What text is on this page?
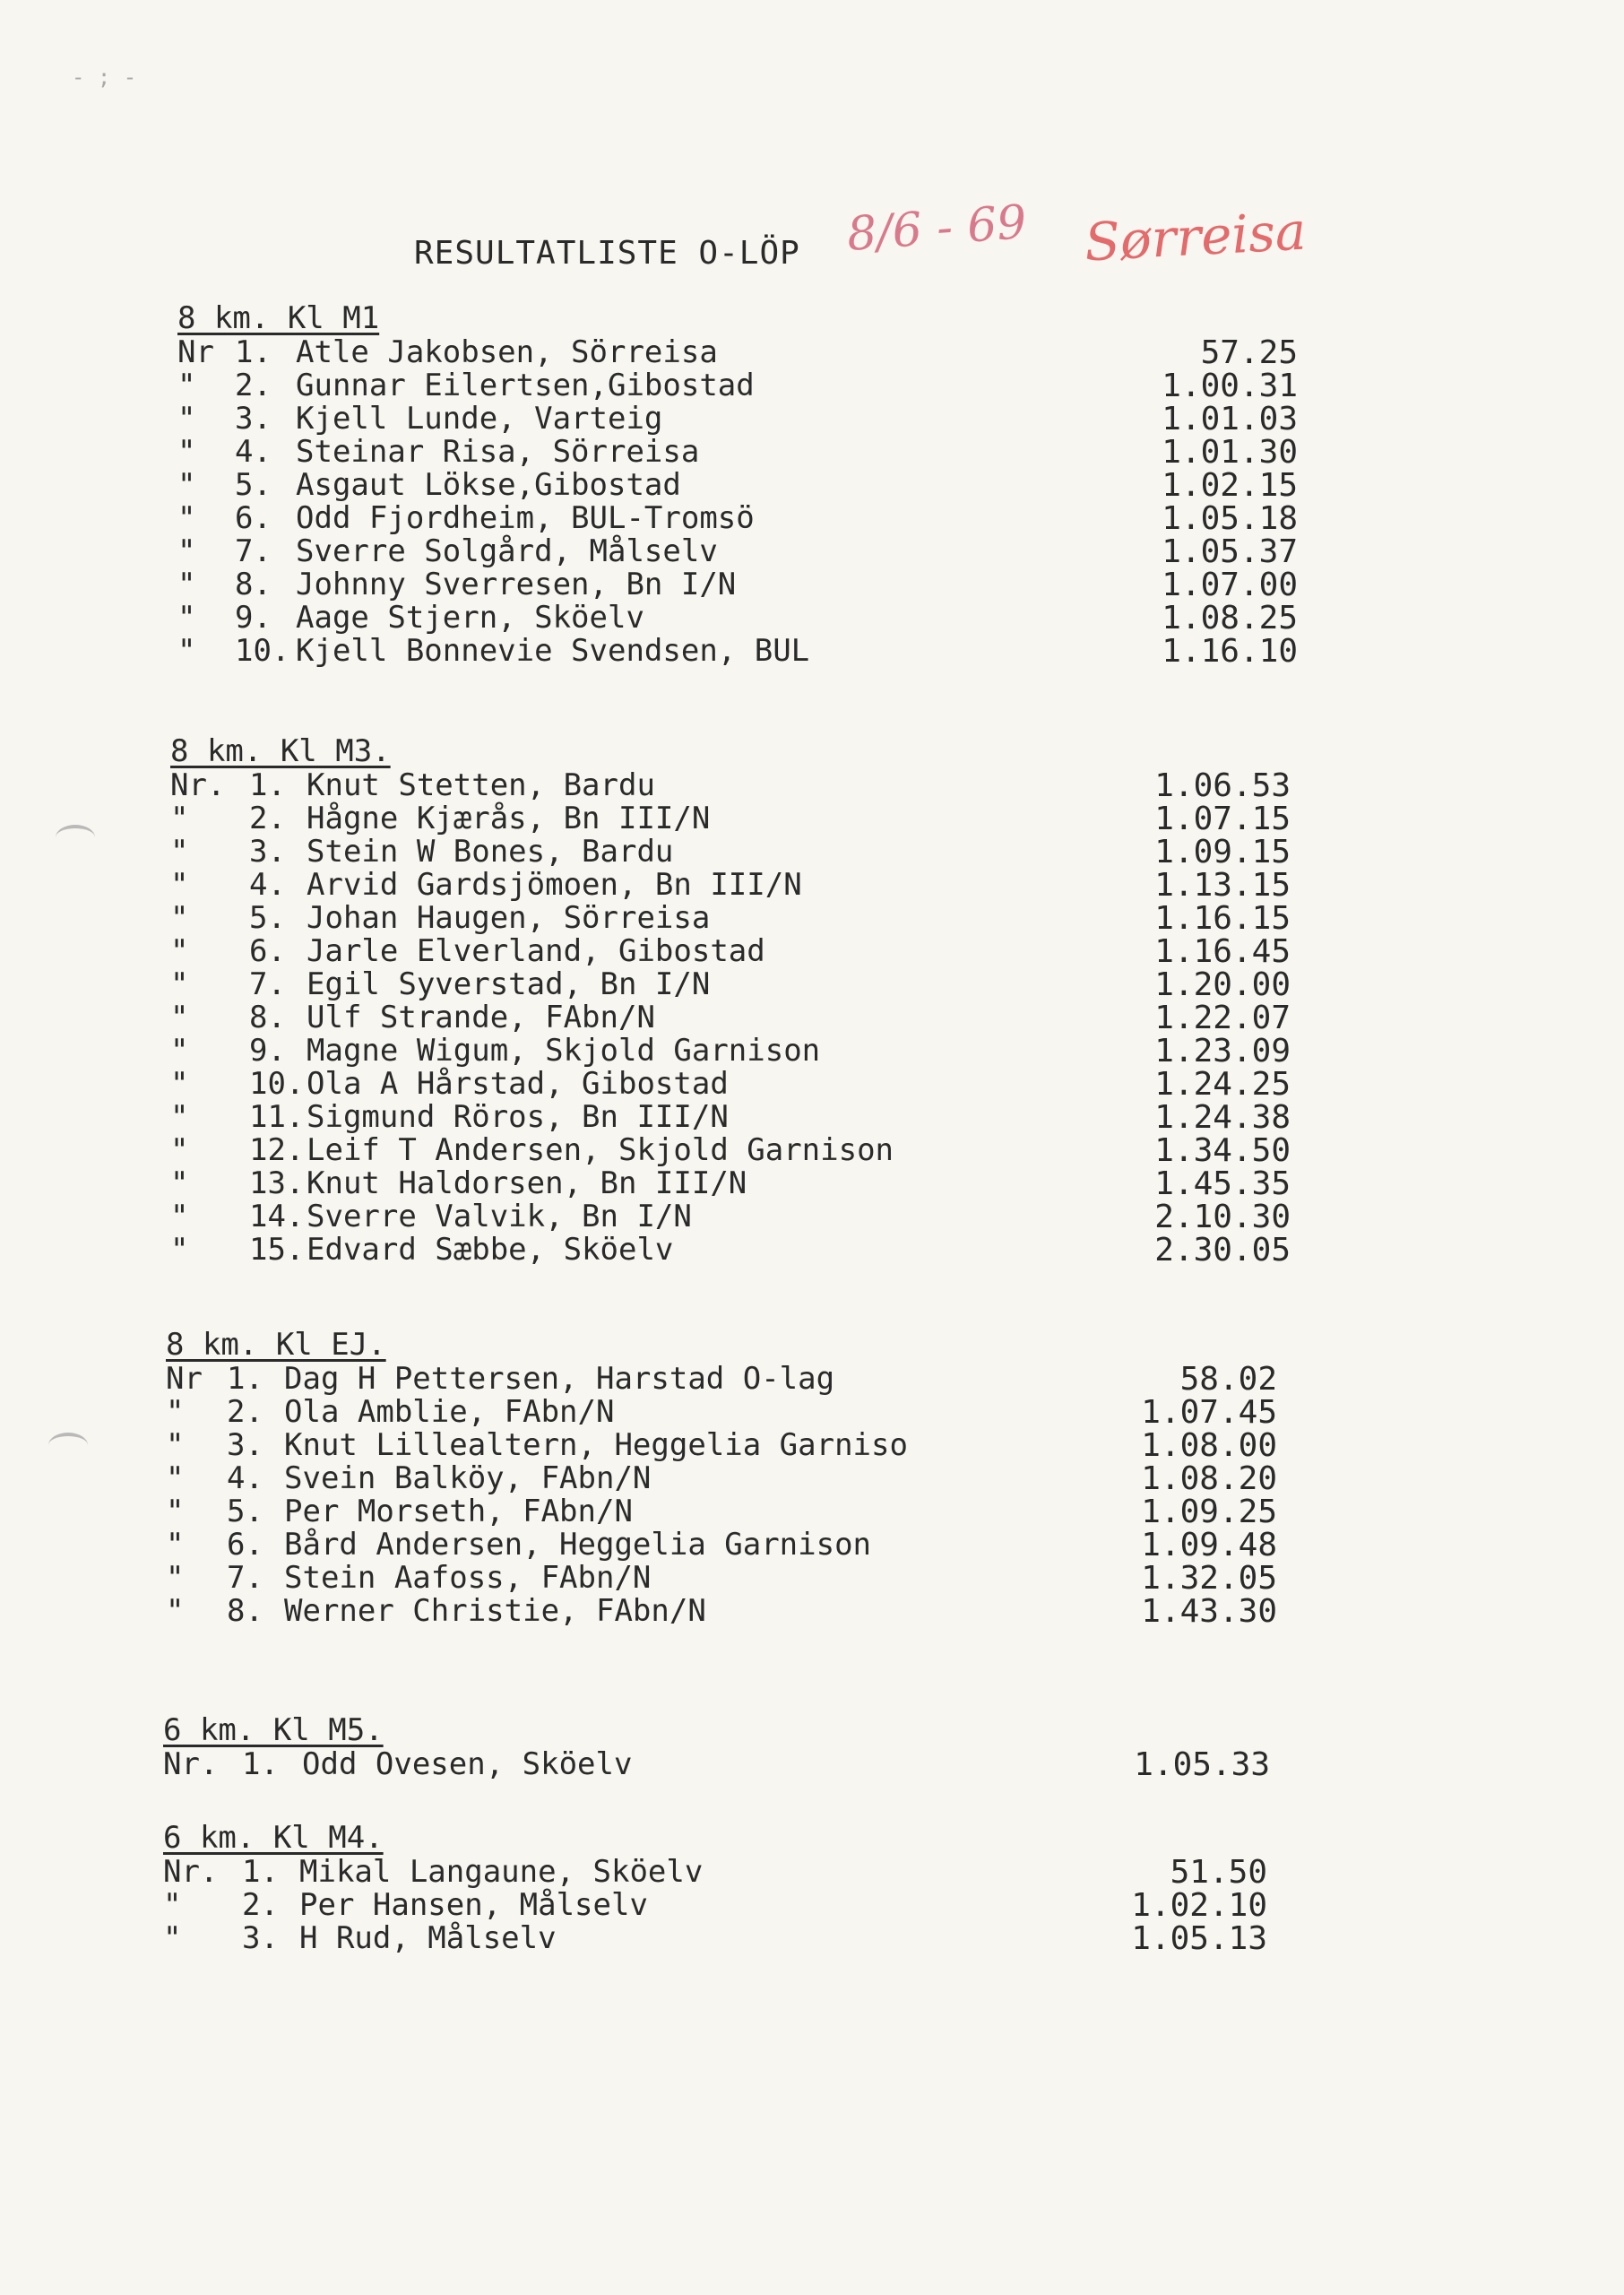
- ; -
RESULTATLISTE O-LÖP 8/6 - 69 Sørreisa
8 km. Kl M1
Nr 1. Atle Jakobsen, Sörreisa	57.25
" 2. Gunnar Eilertsen,Gibostad	1.00.31
" 3. Kjell Lunde, Varteig	1.01.03
" 4. Steinar Risa, Sörreisa	1.01.30
" 5. Asgaut Lökse,Gibostad	1.02.15
" 6. Odd Fjordheim, BUL-Tromsö	1.05.18
" 7. Sverre Solgård, Målselv	1.05.37
" 8. Johnny Sverresen, Bn I/N	1.07.00
" 9. Aage Stjern, Sköelv	1.08.25
" 10. Kjell Bonnevie Svendsen, BUL	1.16.10
8 km. Kl M3.
Nr. 1. Knut Stetten, Bardu	1.06.53
" 2. Hågne Kjærås, Bn III/N	1.07.15
" 3. Stein W Bones, Bardu	1.09.15
" 4. Arvid Gardsjömoen, Bn III/N	1.13.15
" 5. Johan Haugen, Sörreisa	1.16.15
" 6. Jarle Elverland, Gibostad	1.16.45
" 7. Egil Syverstad, Bn I/N	1.20.00
" 8. Ulf Strande, FAbn/N	1.22.07
" 9. Magne Wigum, Skjold Garnison	1.23.09
" 10. Ola A Hårstad, Gibostad	1.24.25
" 11. Sigmund Röros, Bn III/N	1.24.38
" 12. Leif T Andersen, Skjold Garnison	1.34.50
" 13. Knut Haldorsen, Bn III/N	1.45.35
" 14. Sverre Valvik, Bn I/N	2.10.30
" 15. Edvard Sæbbe, Sköelv	2.30.05
8 km. Kl EJ.
Nr 1. Dag H Pettersen, Harstad O-lag	58.02
" 2. Ola Amblie, FAbn/N	1.07.45
" 3. Knut Lillealtern, Heggelia Garniso	1.08.00
" 4. Svein Balköy, FAbn/N	1.08.20
" 5. Per Morseth, FAbn/N	1.09.25
" 6. Bård Andersen, Heggelia Garnison	1.09.48
" 7. Stein Aafoss, FAbn/N	1.32.05
" 8. Werner Christie, FAbn/N	1.43.30
6 km. Kl M5.
Nr. 1. Odd Ovesen, Sköelv	1.05.33
6 km. Kl M4.
Nr. 1. Mikal Langaune, Sköelv	51.50
" 2. Per Hansen, Målselv	1.02.10
" 3. H Rud, Målselv	1.05.13
